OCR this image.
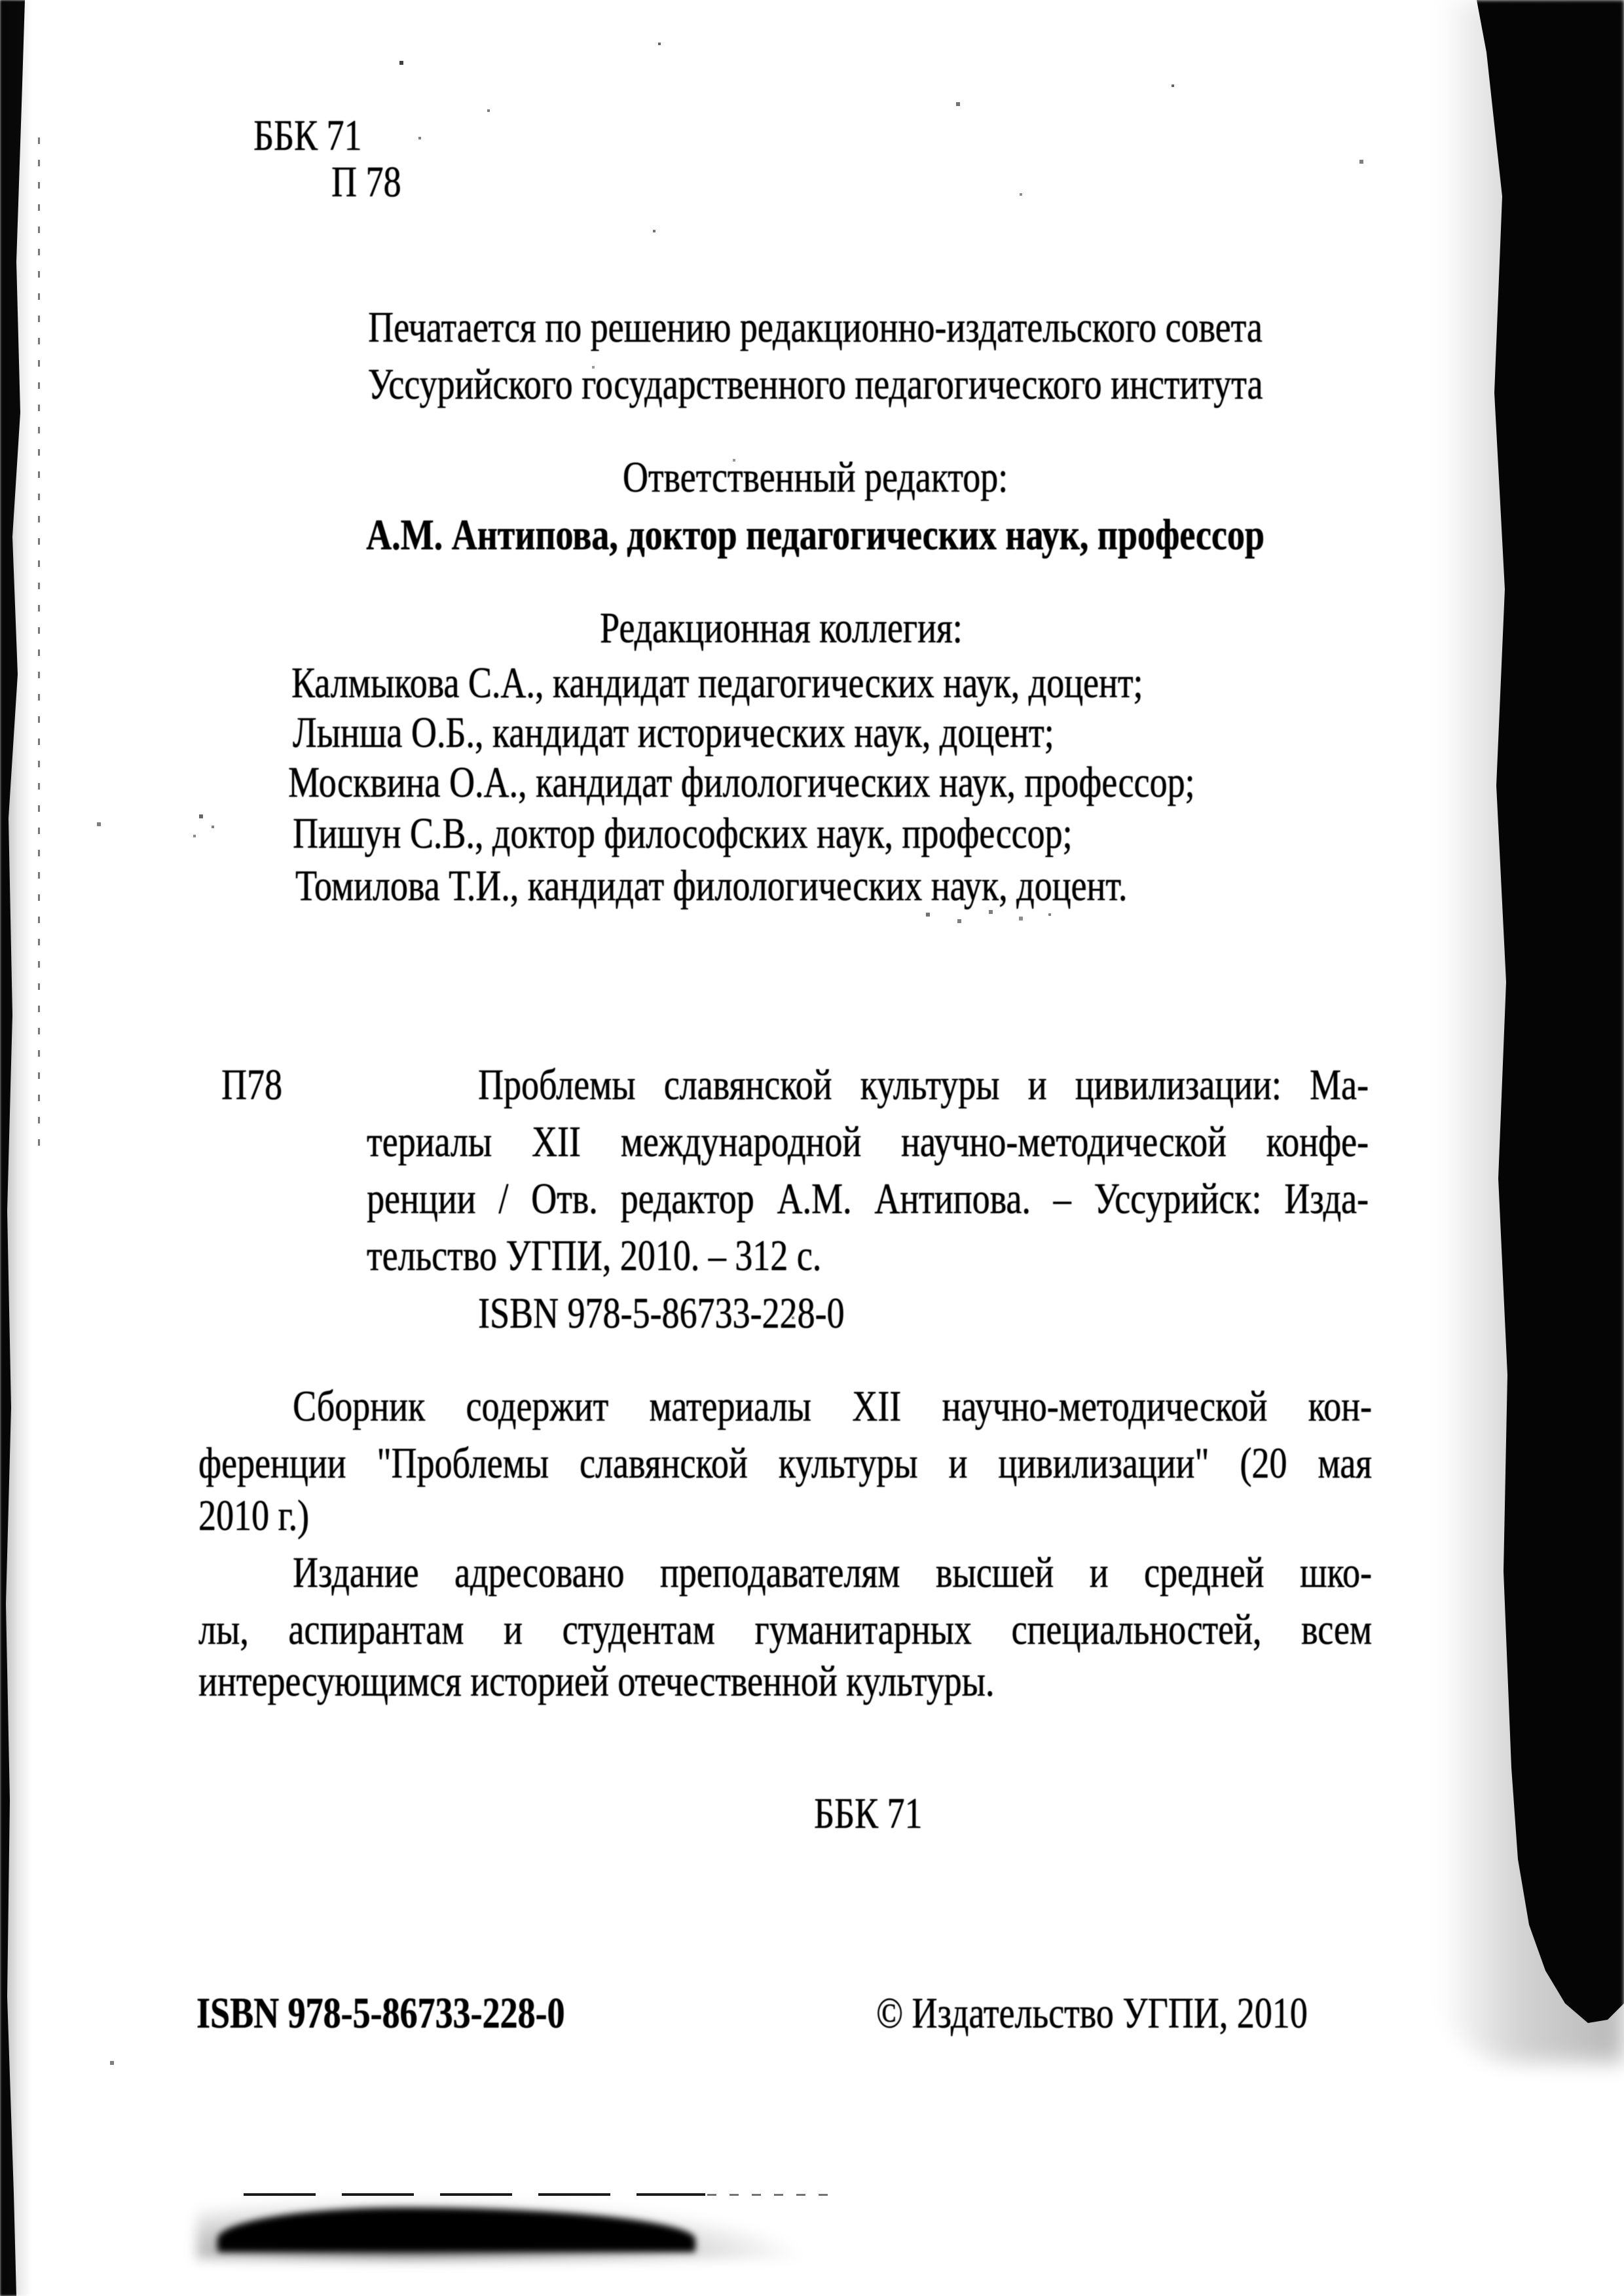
ББК 71
П 78
Печатается по решению редакционно-издательского совета
Уссурийского государственного педагогического института
Ответственный редактор:
А.М. Антипова, доктор педагогических наук, профессор
Редакционная коллегия:
Калмыкова С.А., кандидат педагогических наук, доцент;
Лынша О.Б., кандидат исторических наук, доцент;
Москвина О.А., кандидат филологических наук, профессор;
Пишун С.В., доктор философских наук, профессор;
Томилова Т.И., кандидат филологических наук, доцент.
П78	Проблемы славянской культуры и цивилизации: Ма-
териалы XII международной научно-методической конфе-
ренции / Отв. редактор А.М. Антипова. – Уссурийск: Изда-
тельство УГПИ, 2010. – 312 с.
ISBN 978-5-86733-228-0
Сборник содержит материалы XII научно-методической кон-
ференции "Проблемы славянской культуры и цивилизации" (20 мая
2010 г.)
Издание адресовано преподавателям высшей и средней шко-
лы, аспирантам и студентам гуманитарных специальностей, всем
интересующимся историей отечественной культуры.
ББК 71
ISBN 978-5-86733-228-0	© Издательство УГПИ, 2010
